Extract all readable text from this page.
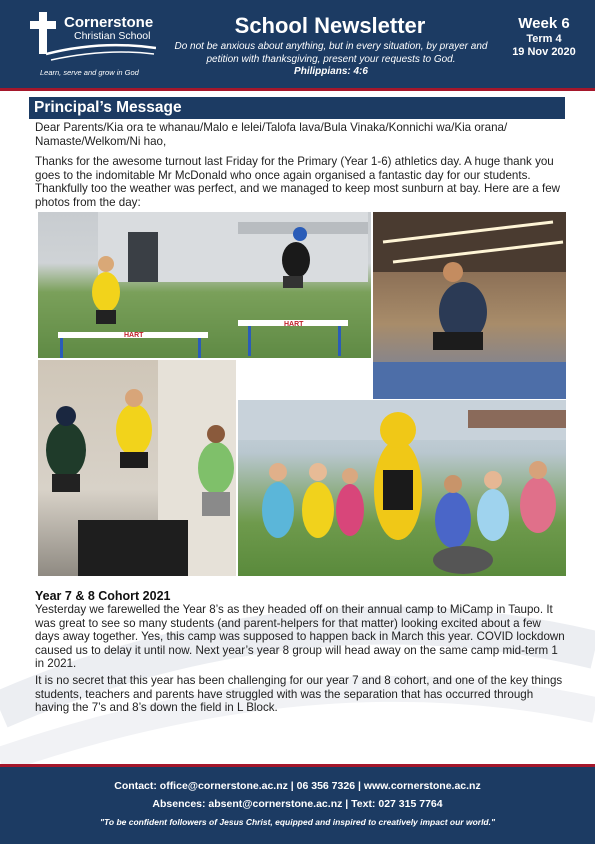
Cornerstone
Christian School
Learn, serve and grow in God
School Newsletter
Do not be anxious about anything, but in every situation, by prayer and petition with thanksgiving, present your requests to God.
Philippians: 4:6
Week 6
Term 4
19 Nov 2020
Principal’s Message
Dear Parents/Kia ora te whanau/Malo e lelei/Talofa lava/Bula Vinaka/Konnichi wa/Kia orana/ Namaste/Welkom/Ni hao,
Thanks for the awesome turnout last Friday for the Primary (Year 1-6) athletics day. A huge thank you goes to the indomitable Mr McDonald who once again organised a fantastic day for our students. Thankfully too the weather was perfect, and we managed to keep most sunburn at bay. Here are a few photos from the day:
HART
HART
Year 7 & 8 Cohort 2021
Yesterday we farewelled the Year 8’s as they headed off on their annual camp to MiCamp in Taupo. It was great to see so many students (and parent-helpers for that matter) looking excited about a few days away together. Yes, this camp was supposed to happen back in March this year. COVID lockdown caused us to delay it until now. Next year’s year 8 group will head away on the same camp mid-term 1 in 2021.
It is no secret that this year has been challenging for our year 7 and 8 cohort, and one of the key things students, teachers and parents have struggled with was the separation that has occurred through having the 7’s and 8’s down the field in L Block.
Contact: office@cornerstone.ac.nz | 06 356 7326 | www.cornerstone.ac.nz
Absences: absent@cornerstone.ac.nz | Text: 027 315 7764
"To be confident followers of Jesus Christ, equipped and inspired to creatively impact our world."
